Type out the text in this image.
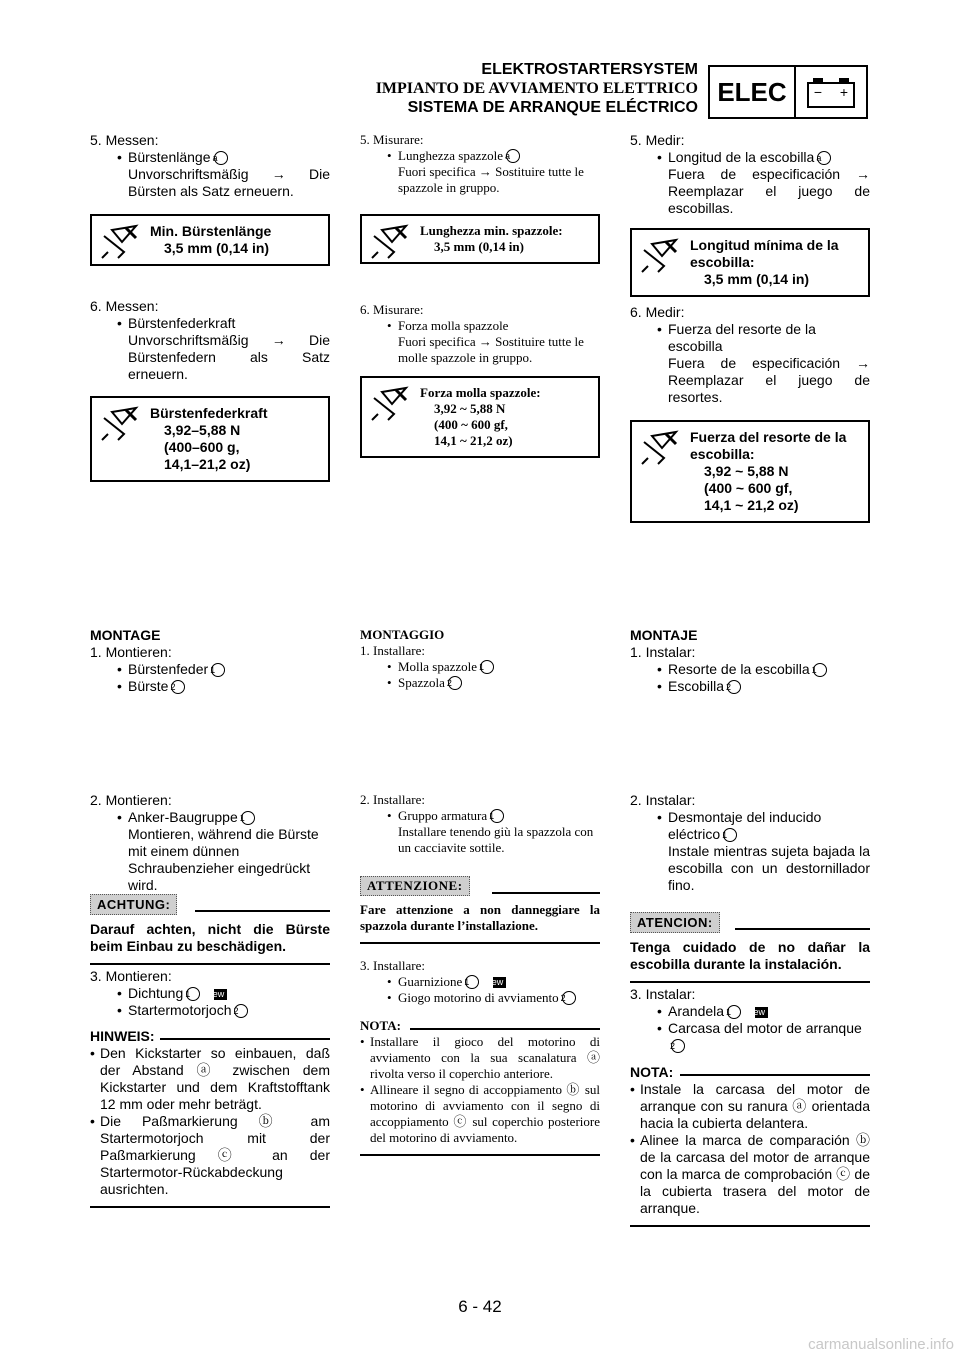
ELEKTROSTARTERSYSTEM
IMPIANTO DE AVVIAMENTO ELETTRICO
SISTEMA DE ARRANQUE ELÉCTRICO
ELEC	− +
5. Messen:
• Bürstenlänge a
Unvorschriftsmäßig → Die Bürsten als Satz erneuern.
Min. Bürstenlänge
3,5 mm (0,14 in)
6. Messen:
• Bürstenfederkraft
Unvorschriftsmäßig → Die Bürstenfedern als Satz erneuern.
Bürstenfederkraft
3,92–5,88 N
(400–600 g,
14,1–21,2 oz)
MONTAGE
1. Montieren:
• Bürstenfeder 1
• Bürste 2
2. Montieren:
• Anker-Baugruppe 1
Montieren, während die Bürste mit einem dünnen Schraubenzieher eingedrückt wird.
ACHTUNG:
Darauf achten, nicht die Bürste beim Einbau zu beschädigen.
3. Montieren:
• Dichtung 1 New
• Startermotorjoch 2
HINWEIS:
• Den Kickstarter so einbauen, daß der Abstand ⓐ zwischen dem Kickstarter und dem Kraftstofftank 12 mm oder mehr beträgt.
• Die Paßmarkierung ⓑ am Startermotorjoch mit der Paßmarkierung ⓒ an der Startermotor-Rückabdeckung ausrichten.
5. Misurare:
• Lunghezza spazzole a
Fuori specifica → Sostituire tutte le spazzole in gruppo.
Lunghezza min. spazzole:
3,5 mm (0,14 in)
6. Misurare:
• Forza molla spazzole
Fuori specifica → Sostituire tutte le molle spazzole in gruppo.
Forza molla spazzole:
3,92 ~ 5,88 N
(400 ~ 600 gf,
14,1 ~ 21,2 oz)
MONTAGGIO
1. Installare:
• Molla spazzole 1
• Spazzola 2
2. Installare:
• Gruppo armatura 1
Installare tenendo giù la spazzola con un cacciavite sottile.
ATTENZIONE:
Fare attenzione a non danneggiare la spazzola durante l’installazione.
3. Installare:
• Guarnizione 1 New
• Giogo motorino di avviamento 2
NOTA:
• Installare il gioco del motorino di avviamento con la sua scanalatura ⓐ rivolta verso il coperchio anteriore.
• Allineare il segno di accoppiamento ⓑ sul motorino di avviamento con il segno di accoppiamento ⓒ sul coperchio posteriore del motorino di avviamento.
5. Medir:
• Longitud de la escobilla a
Fuera de especificación → Reemplazar el juego de escobillas.
Longitud mínima de la escobilla:
3,5 mm (0,14 in)
6. Medir:
• Fuerza del resorte de la escobilla
Fuera de especificación → Reemplazar el juego de resortes.
Fuerza del resorte de la escobilla:
3,92 ~ 5,88 N
(400 ~ 600 gf,
14,1 ~ 21,2 oz)
MONTAJE
1. Instalar:
• Resorte de la escobilla 1
• Escobilla 2
2. Instalar:
• Desmontaje del inducido eléctrico 1
Instale mientras sujeta bajada la escobilla con un destornillador fino.
ATENCION:
Tenga cuidado de no dañar la escobilla durante la instalación.
3. Instalar:
• Arandela 1 New
• Carcasa del motor de arranque2
NOTA:
• Instale la carcasa del motor de arranque con su ranura ⓐ orientada hacia la cubierta delantera.
• Alinee la marca de comparación ⓑ de la carcasa del motor de arranque con la marca de comprobación ⓒ de la cubierta trasera del motor de arranque.
6 - 42
carmanualsonline.info
